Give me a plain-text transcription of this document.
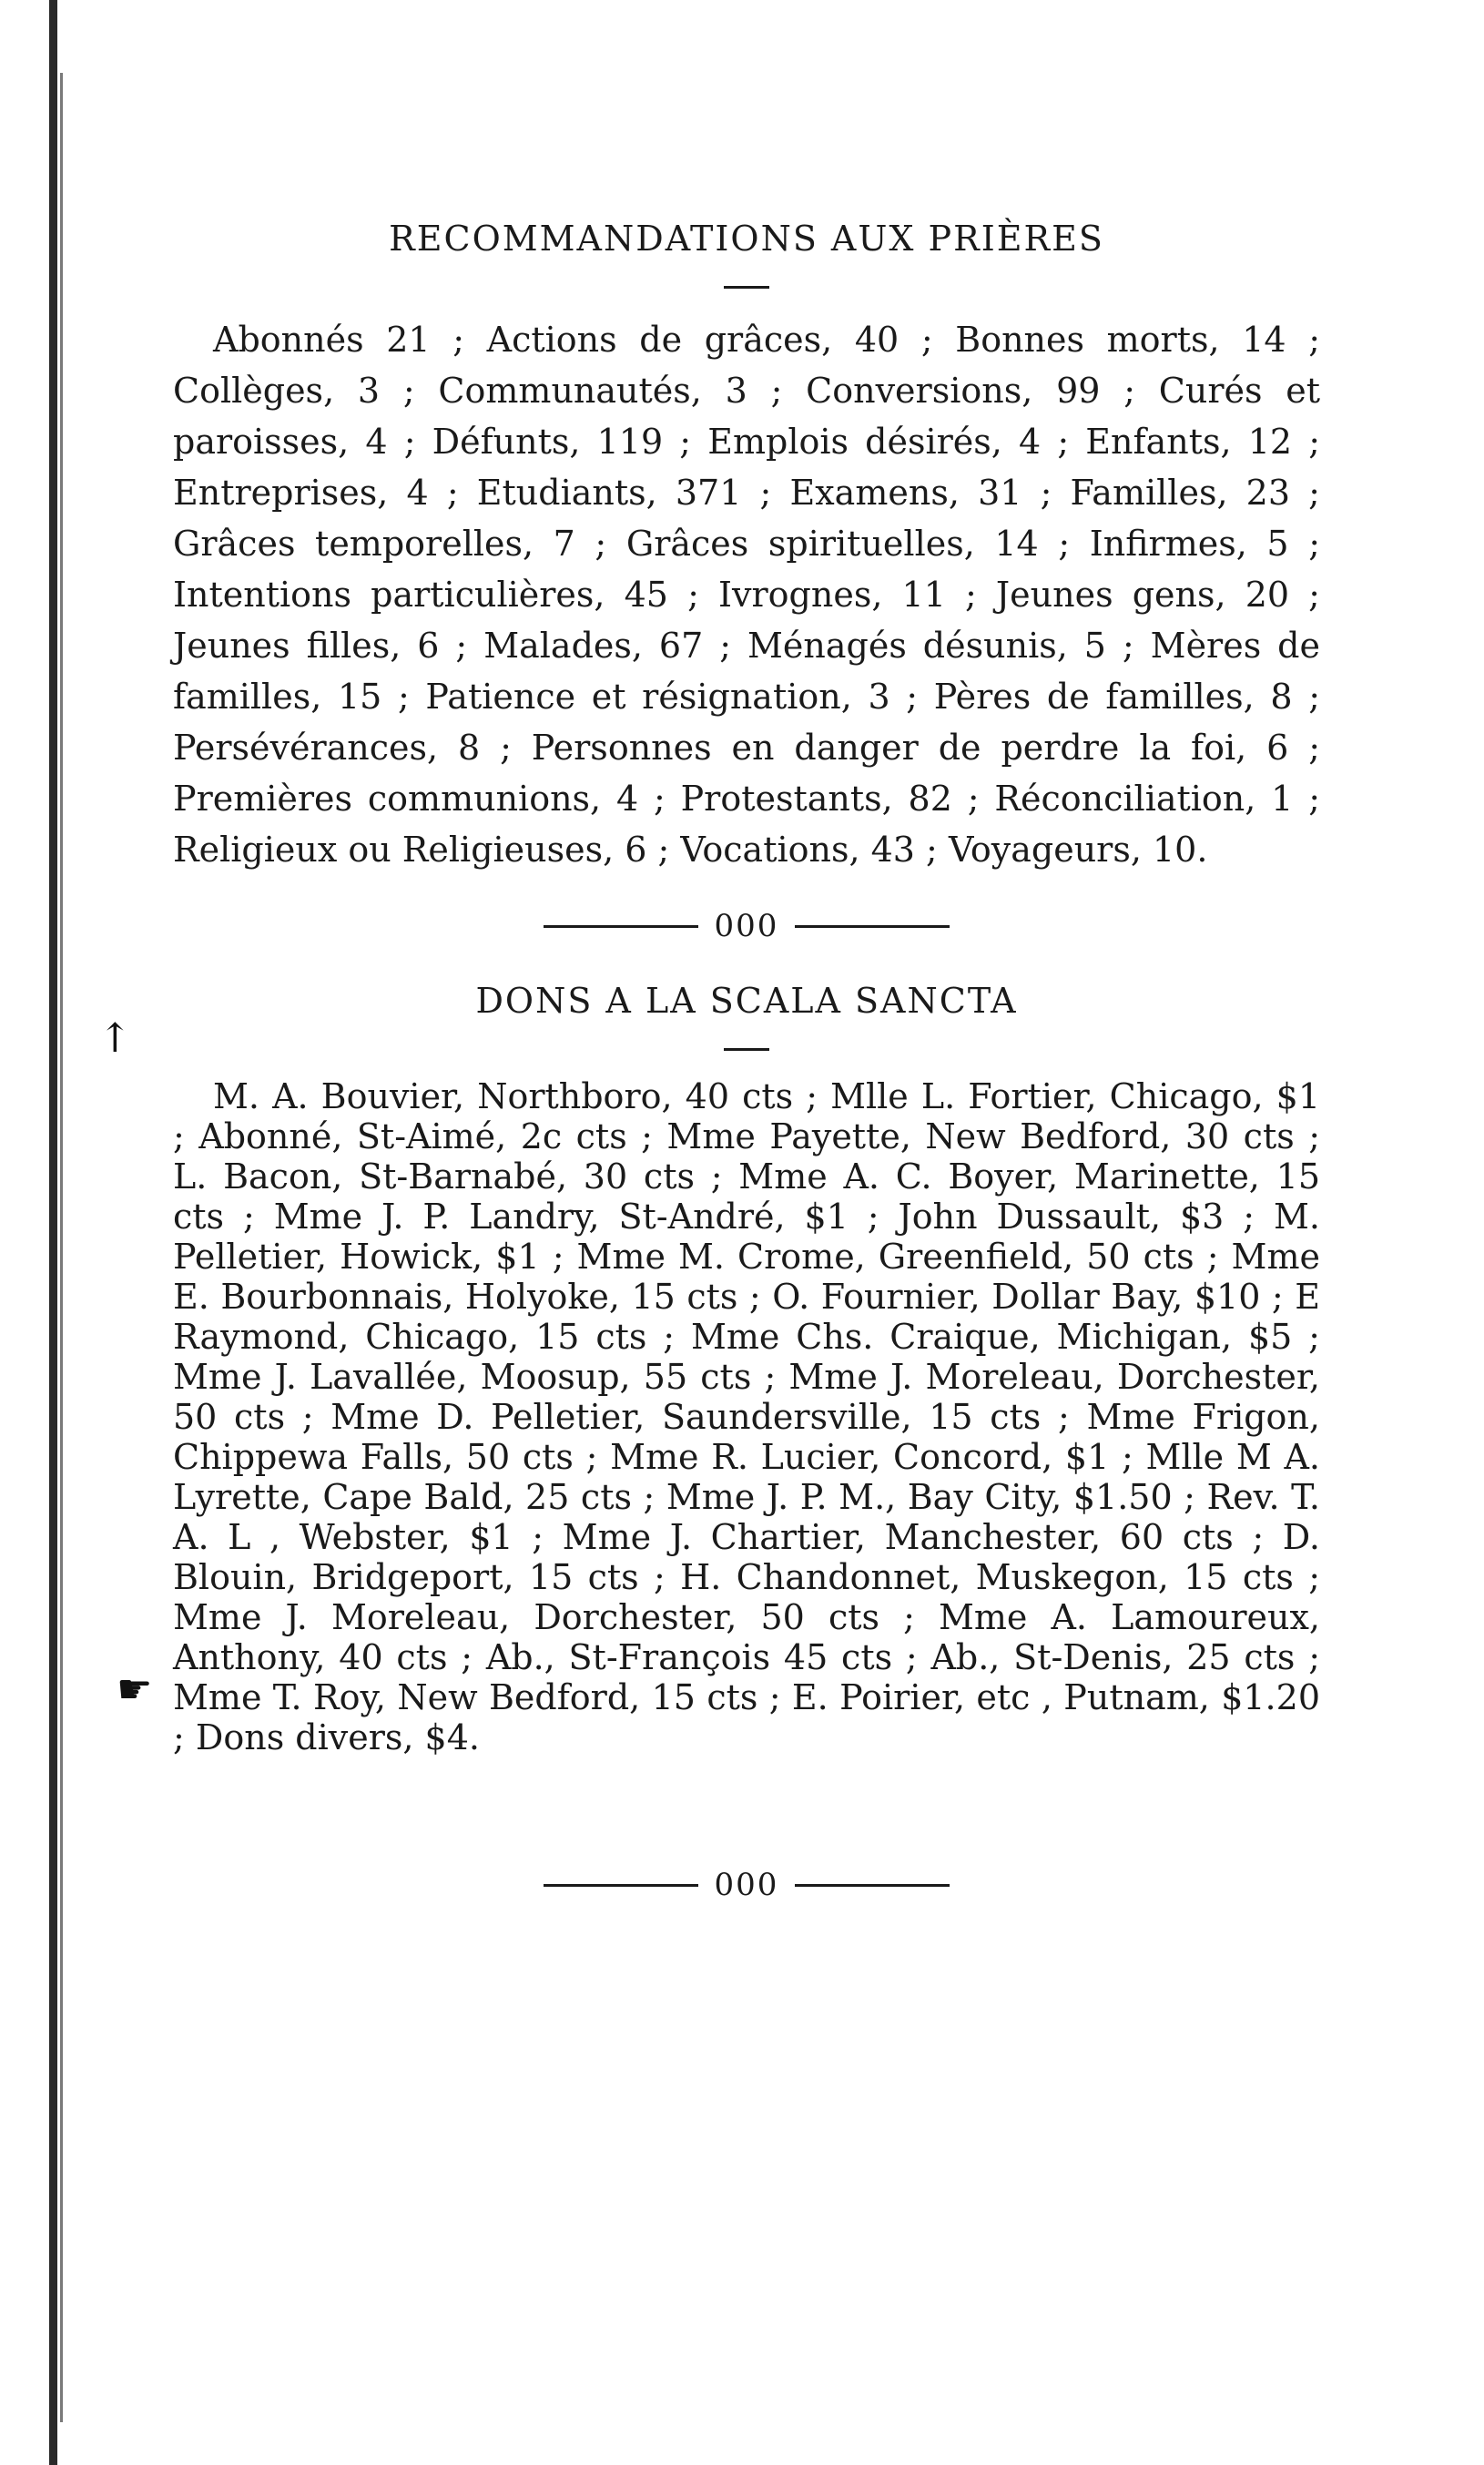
↑
☛
RECOMMANDATIONS AUX PRIÈRES

Abonnés 21 ; Actions de grâces, 40 ; Bonnes morts, 14 ; Collèges, 3 ; Communautés, 3 ; Conversions, 99 ; Curés et paroisses, 4 ; Défunts, 119 ; Emplois désirés, 4 ; Enfants, 12 ; Entreprises, 4 ; Etudiants, 371 ; Examens, 31 ; Familles, 23 ; Grâces temporelles, 7 ; Grâces spirituelles, 14 ; Infirmes, 5 ; Intentions particulières, 45 ; Ivrognes, 11 ; Jeunes gens, 20 ; Jeunes filles, 6 ; Malades, 67 ; Ménagés désunis, 5 ; Mères de familles, 15 ; Patience et résignation, 3 ; Pères de familles, 8 ; Persévérances, 8 ; Personnes en danger de perdre la foi, 6 ; Premières communions, 4 ; Protestants, 82 ; Réconciliation, 1 ; Religieux ou Religieuses, 6 ; Vocations, 43 ; Voyageurs, 10.

000
DONS A LA SCALA SANCTA

M. A. Bouvier, Northboro, 40 cts ; Mlle L. Fortier, Chicago, $1 ; Abonné, St-Aimé, 2c cts ; Mme Payette, New Bedford, 30 cts ; L. Bacon, St-Barnabé, 30 cts ; Mme A. C. Boyer, Marinette, 15 cts ; Mme J. P. Landry, St-André, $1 ; John Dussault, $3 ; M. Pelletier, Howick, $1 ; Mme M. Crome, Greenfield, 50 cts ; Mme E. Bourbonnais, Holyoke, 15 cts ; O. Fournier, Dollar Bay, $10 ; E Raymond, Chicago, 15 cts ; Mme Chs. Craique, Michigan, $5 ; Mme J. Lavallée, Moosup, 55 cts ; Mme J. Moreleau, Dorchester, 50 cts ; Mme D. Pelletier, Saundersville, 15 cts ; Mme Frigon, Chippewa Falls, 50 cts ; Mme R. Lucier, Concord, $1 ; Mlle M A. Lyrette, Cape Bald, 25 cts ; Mme J. P. M., Bay City, $1.50 ; Rev. T. A. L , Webster, $1 ; Mme J. Chartier, Manchester, 60 cts ; D. Blouin, Bridgeport, 15 cts ; H. Chandonnet, Muskegon, 15 cts ; Mme J. Moreleau, Dorchester, 50 cts ; Mme A. Lamoureux, Anthony, 40 cts ; Ab., St-François 45 cts ; Ab., St-Denis, 25 cts ; Mme T. Roy, New Bedford, 15 cts ; E. Poirier, etc , Putnam, $1.20 ; Dons divers, $4.

000
